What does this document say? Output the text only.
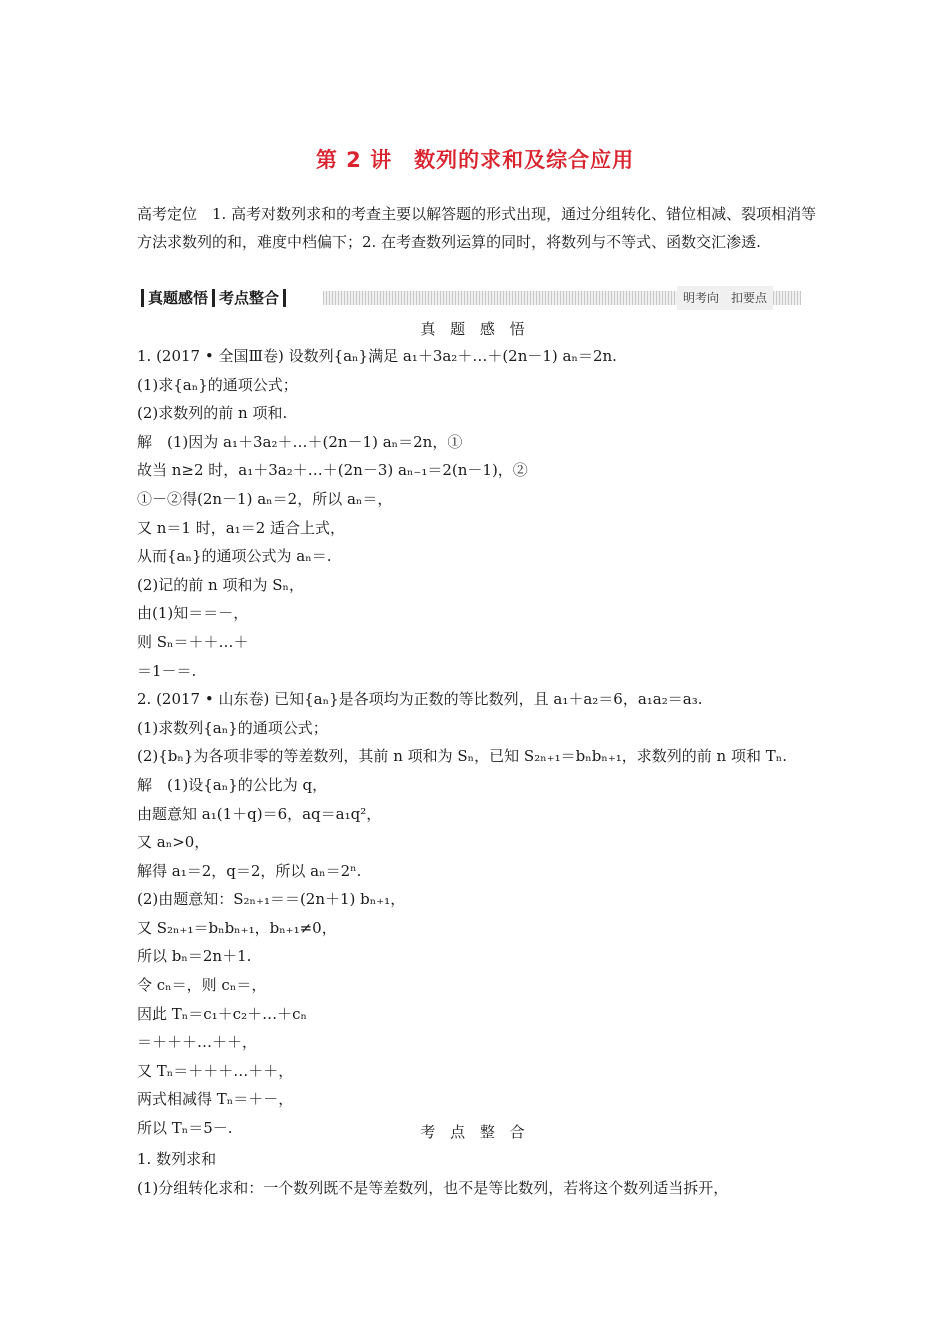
第 2 讲　数列的求和及综合应用
高考定位　1. 高考对数列求和的考查主要以解答题的形式出现，通过分组转化、错位相减、裂项相消等方法求数列的和，难度中档偏下；2. 在考查数列运算的同时，将数列与不等式、函数交汇渗透.
真题感悟 考点整合	明考向　扣要点
真 题 感 悟
1. (2017 • 全国Ⅲ卷) 设数列{aₙ}满足 a₁＋3a₂＋…＋(2n－1) aₙ＝2n.
(1)求{aₙ}的通项公式；
(2)求数列的前 n 项和.
解　(1)因为 a₁＋3a₂＋…＋(2n－1) aₙ＝2n，①
故当 n≥2 时，a₁＋3a₂＋…＋(2n－3) aₙ₋₁＝2(n－1)，②
①－②得(2n－1) aₙ＝2，所以 aₙ＝，
又 n＝1 时，a₁＝2 适合上式，
从而{aₙ}的通项公式为 aₙ＝.
(2)记的前 n 项和为 Sₙ，
由(1)知＝＝－，
则 Sₙ＝＋＋…＋
＝1－＝.
2. (2017 • 山东卷) 已知{aₙ}是各项均为正数的等比数列，且 a₁＋a₂＝6，a₁a₂＝a₃.
(1)求数列{aₙ}的通项公式；
(2){bₙ}为各项非零的等差数列，其前 n 项和为 Sₙ，已知 S₂ₙ₊₁＝bₙbₙ₊₁，求数列的前 n 项和 Tₙ.
解　(1)设{aₙ}的公比为 q，
由题意知 a₁(1＋q)＝6，aq＝a₁q²，
又 aₙ>0，
解得 a₁＝2，q＝2，所以 aₙ＝2ⁿ.
(2)由题意知：S₂ₙ₊₁＝＝(2n＋1) bₙ₊₁，
又 S₂ₙ₊₁＝bₙbₙ₊₁，bₙ₊₁≠0，
所以 bₙ＝2n＋1.
令 cₙ＝，则 cₙ＝，
因此 Tₙ＝c₁＋c₂＋…＋cₙ
＝＋＋＋…＋＋，
又 Tₙ＝＋＋＋…＋＋，
两式相减得 Tₙ＝＋－，
所以 Tₙ＝5－.	考 点 整 合
1. 数列求和
(1)分组转化求和：一个数列既不是等差数列，也不是等比数列，若将这个数列适当拆开，
